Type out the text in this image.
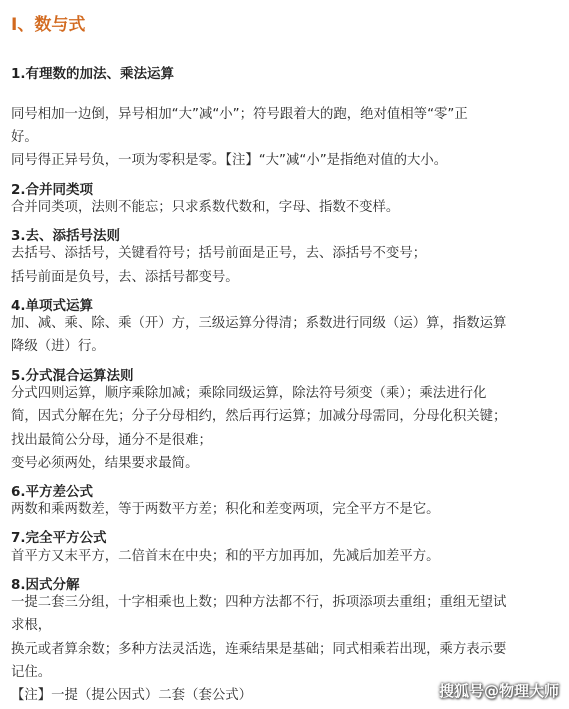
I、数与式
1.有理数的加法、乘法运算
同号相加一边倒，异号相加“大”减“小”；符号跟着大的跑，绝对值相等“零”正
好。
同号得正异号负，一项为零积是零。【注】“大”减“小”是指绝对值的大小。
2.合并同类项
合并同类项，法则不能忘；只求系数代数和，字母、指数不变样。
3.去、添括号法则
去括号、添括号，关键看符号；括号前面是正号，去、添括号不变号；
括号前面是负号，去、添括号都变号。
4.单项式运算
加、减、乘、除、乘（开）方，三级运算分得清；系数进行同级（运）算，指数运算
降级（进）行。
5.分式混合运算法则
分式四则运算，顺序乘除加减；乘除同级运算，除法符号须变（乘）；乘法进行化
简，因式分解在先；分子分母相约，然后再行运算；加减分母需同，分母化积关键；
找出最简公分母，通分不是很难；
变号必须两处，结果要求最简。
6.平方差公式
两数和乘两数差，等于两数平方差；积化和差变两项，完全平方不是它。
7.完全平方公式
首平方又末平方，二倍首末在中央；和的平方加再加，先减后加差平方。
8.因式分解
一提二套三分组，十字相乘也上数；四种方法都不行，拆项添项去重组；重组无望试
求根，
换元或者算余数；多种方法灵活选，连乘结果是基础；同式相乘若出现，乘方表示要
记住。
【注】一提（提公因式）二套（套公式）	搜狐号@物理大师
